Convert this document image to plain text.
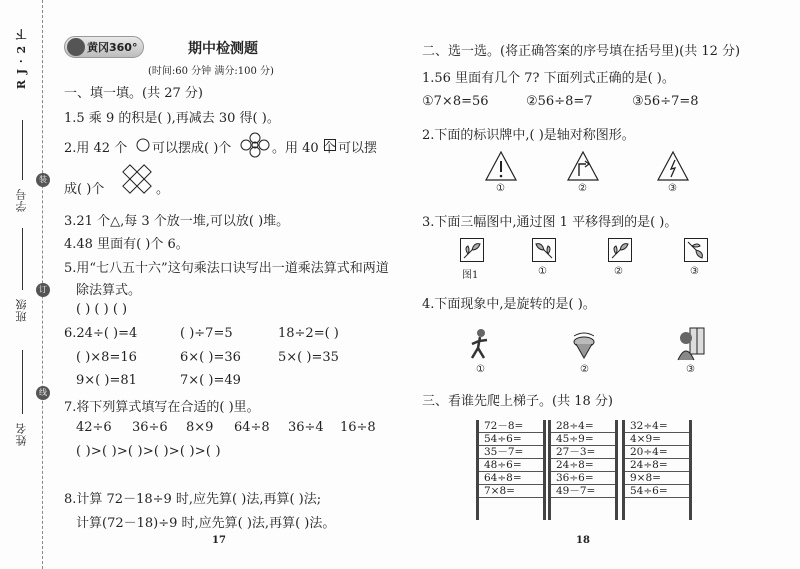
R J · 2 下
学号
班级
姓名
装
订
线
黄冈360°	期中检测题
(时间:60 分钟 满分:100 分)
一、填一填。(共 27 分)
1.5 乘 9 的积是( ),再减去 30 得( )。
2.用 42 个 可以摆成( )个	。用 40 个 可以摆
成( )个	。
3.21 个△,每 3 个放一堆,可以放( )堆。
4.48 里面有( )个 6。
5.用“七八五十六”这句乘法口诀写出一道乘法算式和两道
除法算式。
( ) ( ) ( )
6.24÷( )=4	( )÷7=5	18÷2=( )
( )×8=16	6×( )=36	5×( )=35
9×( )=81	7×( )=49
7.将下列算式填写在合适的( )里。
42÷6 36÷6 8×9 64÷8 36÷4 16÷8
( )>( )>( )>( )>( )>( )
8.计算 72－18÷9 时,应先算( )法,再算( )法;
计算(72－18)÷9 时,应先算( )法,再算( )法。
17
二、选一选。(将正确答案的序号填在括号里)(共 12 分)
1.56 里面有几个 7? 下面列式正确的是( )。
①7×8=56	②56÷8=7	③56÷7=8
2.下面的标识牌中,( )是轴对称图形。
①	②	③
3.下面三幅图中,通过图 1 平移得到的是( )。
图1	①	②	③
4.下面现象中,是旋转的是( )。
①	②	③
三、看谁先爬上梯子。(共 18 分)
72－8=
54÷6=
35－7=
48÷6=
64÷8=
7×8=
28÷4=
45÷9=
27－3=
24÷8=
36÷6=
49－7=
32÷4=
4×9=
20÷4=
24÷8=
9×8=
54÷6=
18
